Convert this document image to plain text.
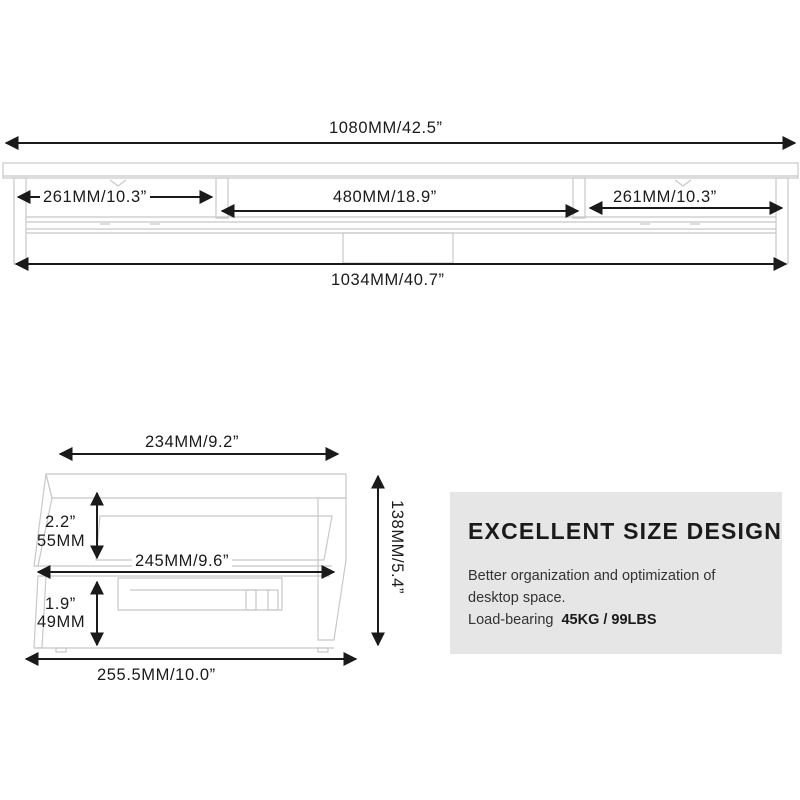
1080MM/42.5”
261MM/10.3”	480MM/18.9”	261MM/10.3”
1034MM/40.7”
234MM/9.2”
2.2”
55MM
245MM/9.6”
1.9”
49MM
255.5MM/10.0”
138MM/5.4”	EXCELLENT SIZE DESIGN
Better organization and optimization of
desktop space.
Load-bearing 45KG / 99LBS
